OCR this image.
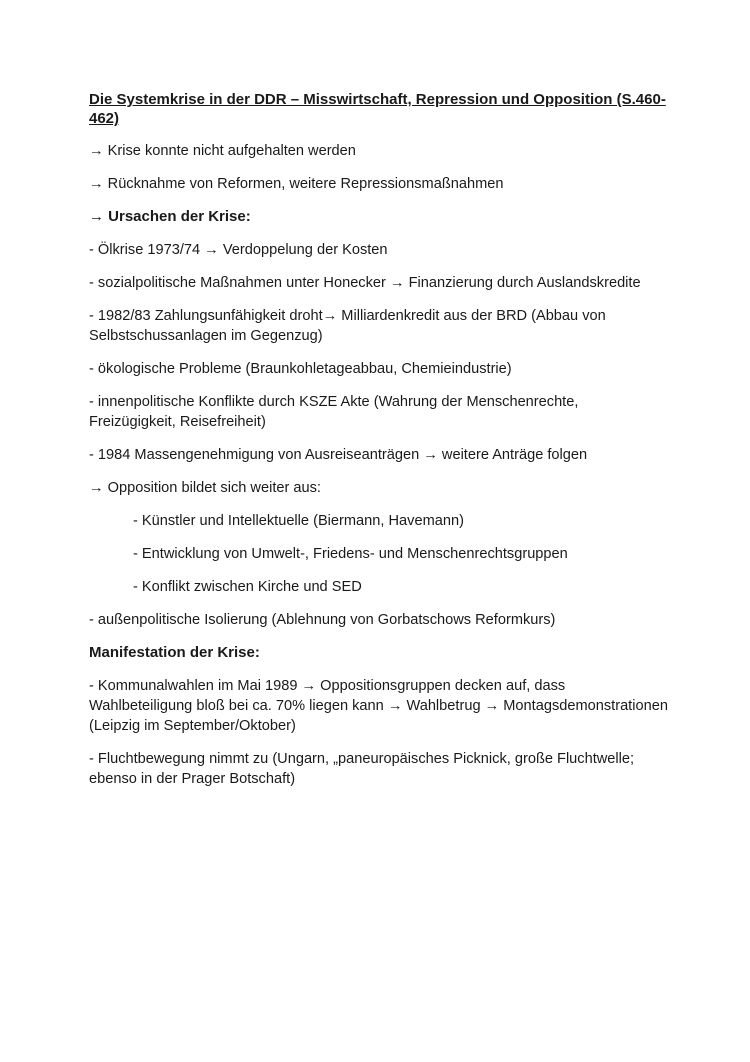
Die Systemkrise in der DDR – Misswirtschaft, Repression und Opposition (S.460-462)
→ Krise konnte nicht aufgehalten werden
→ Rücknahme von Reformen, weitere Repressionsmaßnahmen
→ Ursachen der Krise:
- Ölkrise 1973/74 → Verdoppelung der Kosten
- sozialpolitische Maßnahmen unter Honecker → Finanzierung durch Auslandskredite
- 1982/83 Zahlungsunfähigkeit droht→ Milliardenkredit aus der BRD (Abbau von Selbstschussanlagen im Gegenzug)
- ökologische Probleme (Braunkohletageabbau, Chemieindustrie)
- innenpolitische Konflikte durch KSZE Akte (Wahrung der Menschenrechte, Freizügigkeit, Reisefreiheit)
- 1984 Massengenehmigung von Ausreiseanträgen → weitere Anträge folgen
→ Opposition bildet sich weiter aus:
- Künstler und Intellektuelle (Biermann, Havemann)
- Entwicklung von Umwelt-, Friedens- und Menschenrechtsgruppen
- Konflikt zwischen Kirche und SED
- außenpolitische Isolierung (Ablehnung von Gorbatschows Reformkurs)
Manifestation der Krise:
- Kommunalwahlen im Mai 1989 → Oppositionsgruppen decken auf, dass Wahlbeteiligung bloß bei ca. 70% liegen kann → Wahlbetrug → Montagsdemonstrationen (Leipzig im September/Oktober)
- Fluchtbewegung nimmt zu (Ungarn, „paneuropäisches Picknick, große Fluchtwelle; ebenso in der Prager Botschaft)
